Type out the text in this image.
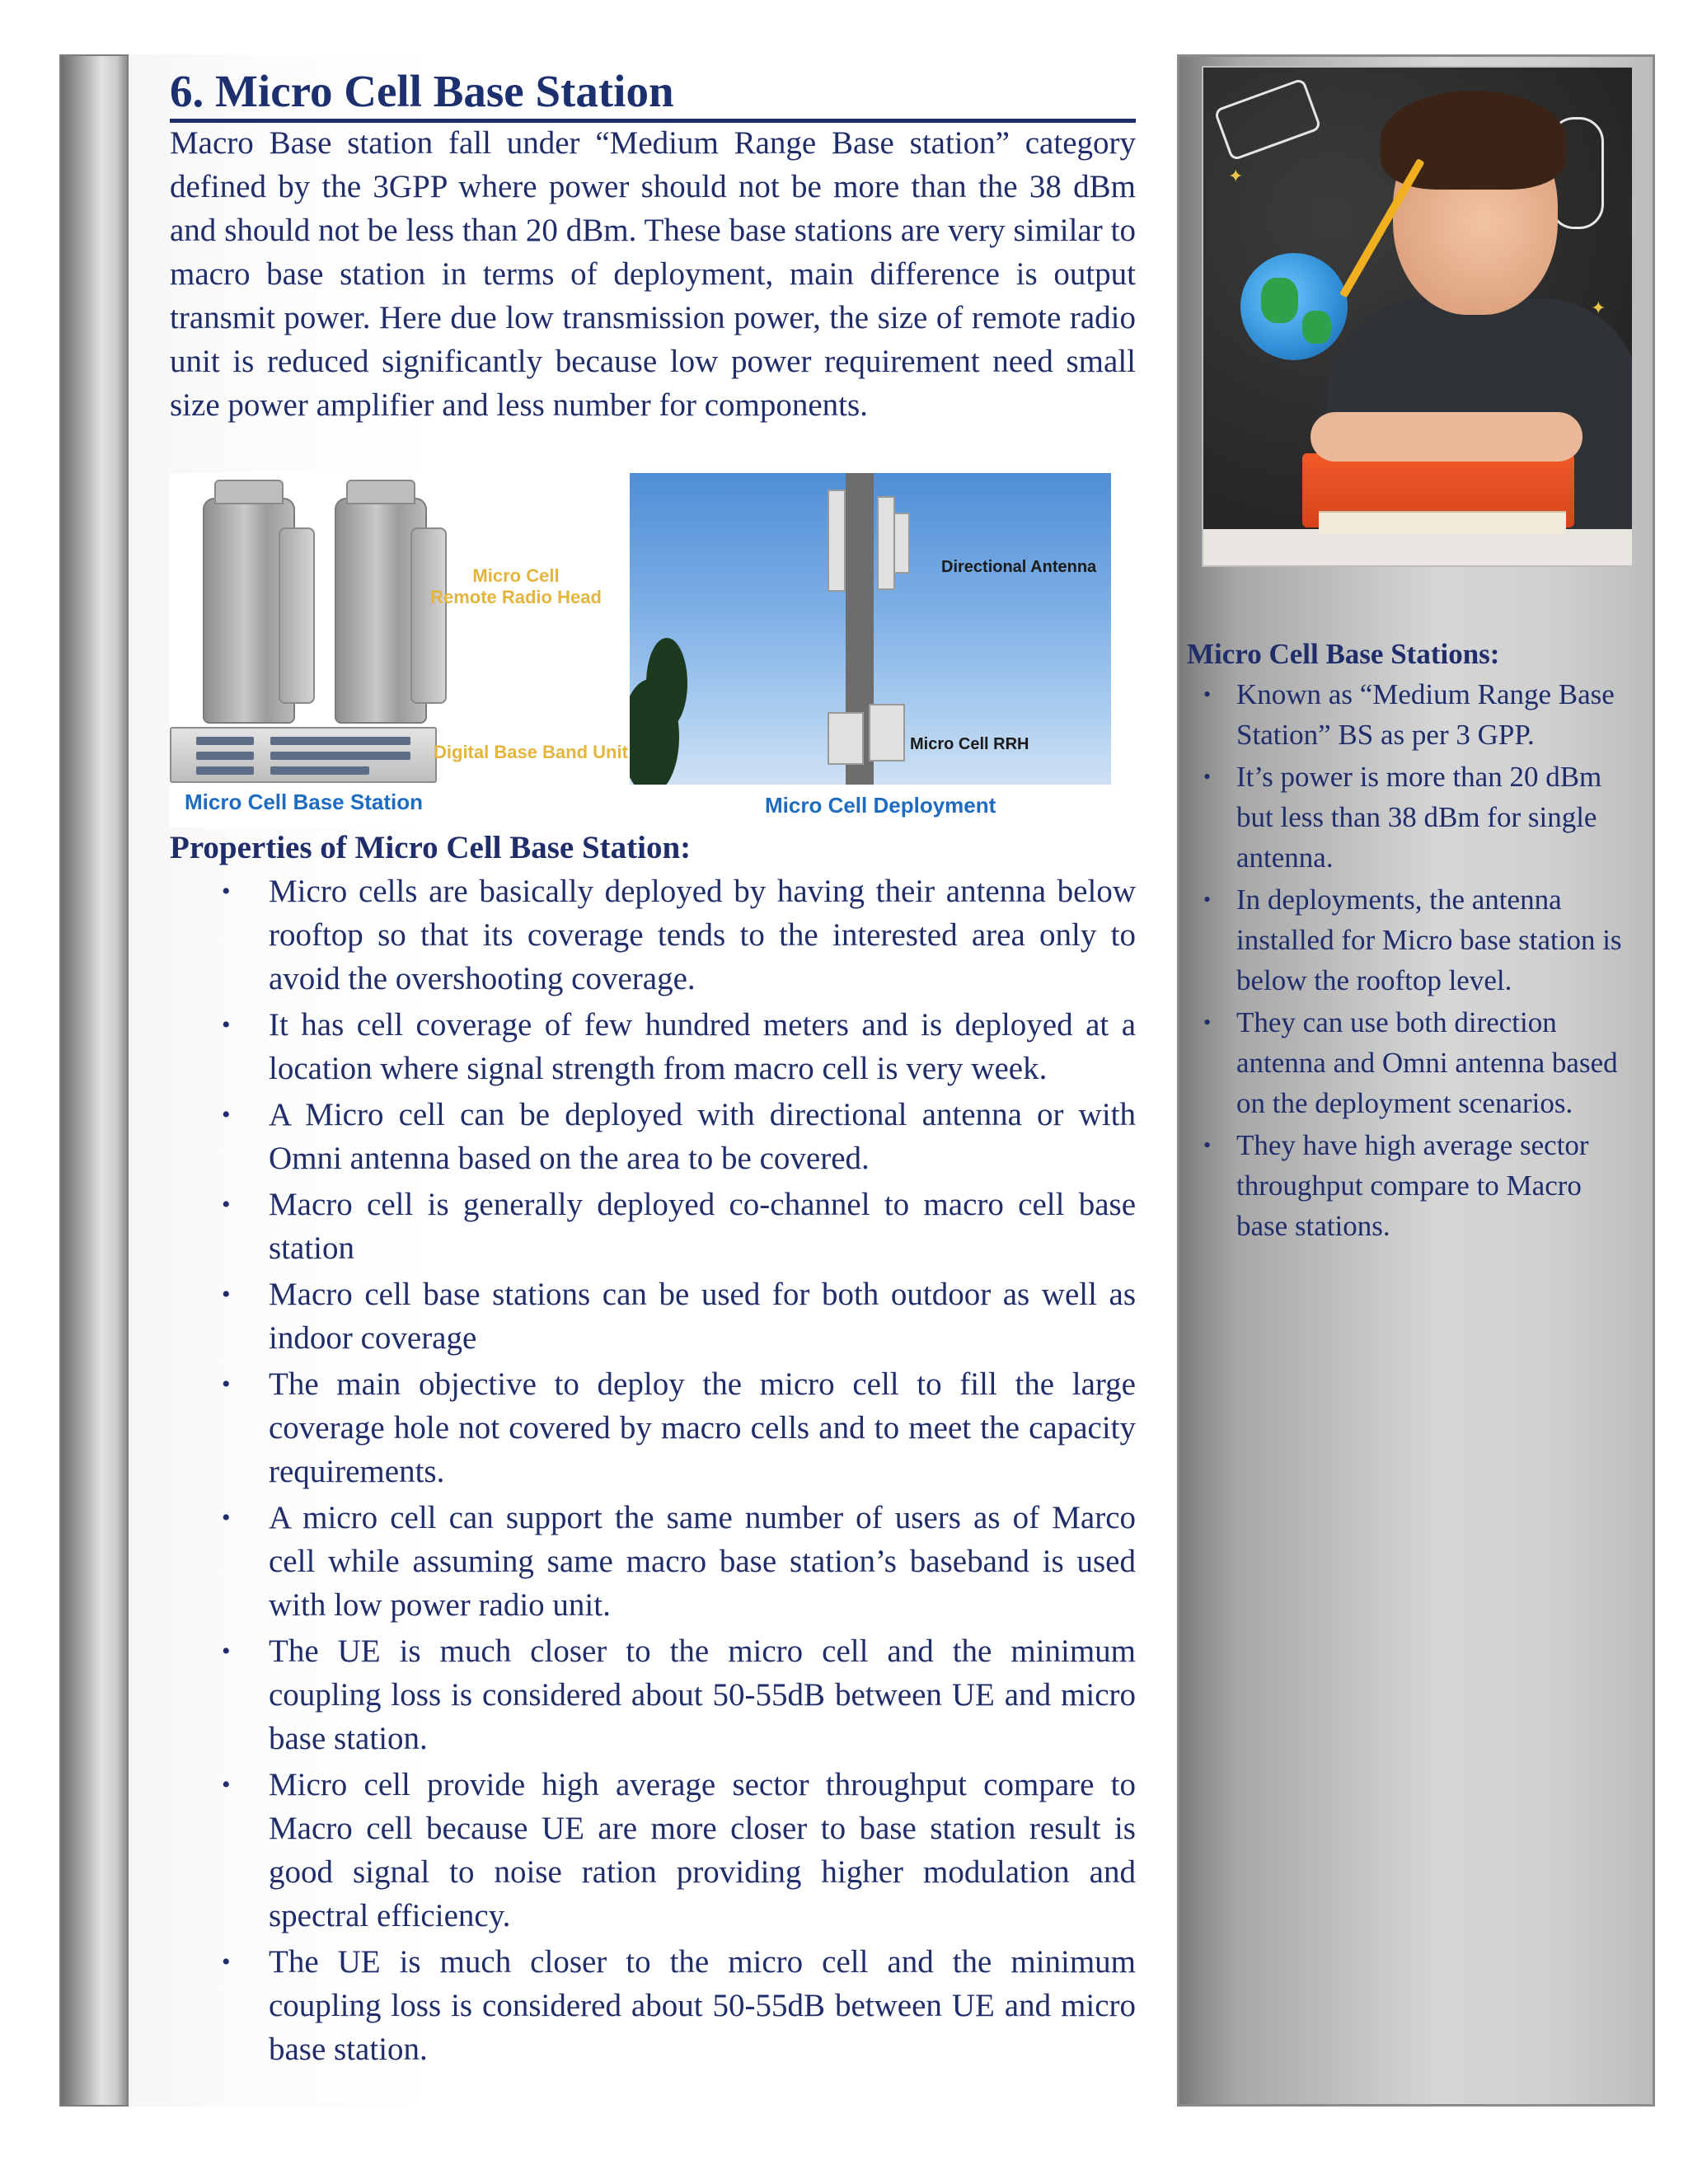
6. Micro Cell Base Station

Macro Base station fall under “Medium Range Base station” category defined by the 3GPP where power should not be more than the 38 dBm and should not be less than 20 dBm. These base stations are very similar to macro base station in terms of deployment, main difference is output transmit power. Here due low transmission power, the size of remote radio unit is reduced significantly because low power requirement need small size power amplifier and less number for components.

Micro Cell
Remote Radio Head
Digital Base Band Unit
Micro Cell Base Station
Directional Antenna
Micro Cell RRH
Micro Cell Deployment
Properties of Micro Cell Base Station:
• Micro cells are basically deployed by having their antenna below rooftop so that its coverage tends to the interested area only to avoid the overshooting coverage.
• It has cell coverage of few hundred meters and is deployed at a location where signal strength from macro cell is very week.
• A Micro cell can be deployed with directional antenna or with Omni antenna based on the area to be covered.
• Macro cell is generally deployed co-channel to macro cell base station
• Macro cell base stations can be used for both outdoor as well as indoor coverage
• The main objective to deploy the micro cell to fill the large coverage hole not covered by macro cells and to meet the capacity requirements.
• A micro cell can support the same number of users as of Marco cell while assuming same macro base station’s baseband is used with low power radio unit.
• The UE is much closer to the micro cell and the minimum coupling loss is considered about 50-55dB between UE and micro base station.
• Micro cell provide high average sector throughput compare to Macro cell because UE are more closer to base station result is good signal to noise ration providing higher modulation and spectral efficiency.
• The UE is much closer to the micro cell and the minimum coupling loss is considered about 50-55dB between UE and micro base station.
✦
✦
Micro Cell Base Stations:
• Known as “Medium Range Base Station” BS as per 3 GPP.
• It’s power is more than 20 dBm but less than 38 dBm for single antenna.
• In deployments, the antenna installed for Micro base station is below the rooftop level.
• They can use both direction antenna and Omni antenna based on the deployment scenarios.
• They have high average sector throughput compare to Macro base stations.
